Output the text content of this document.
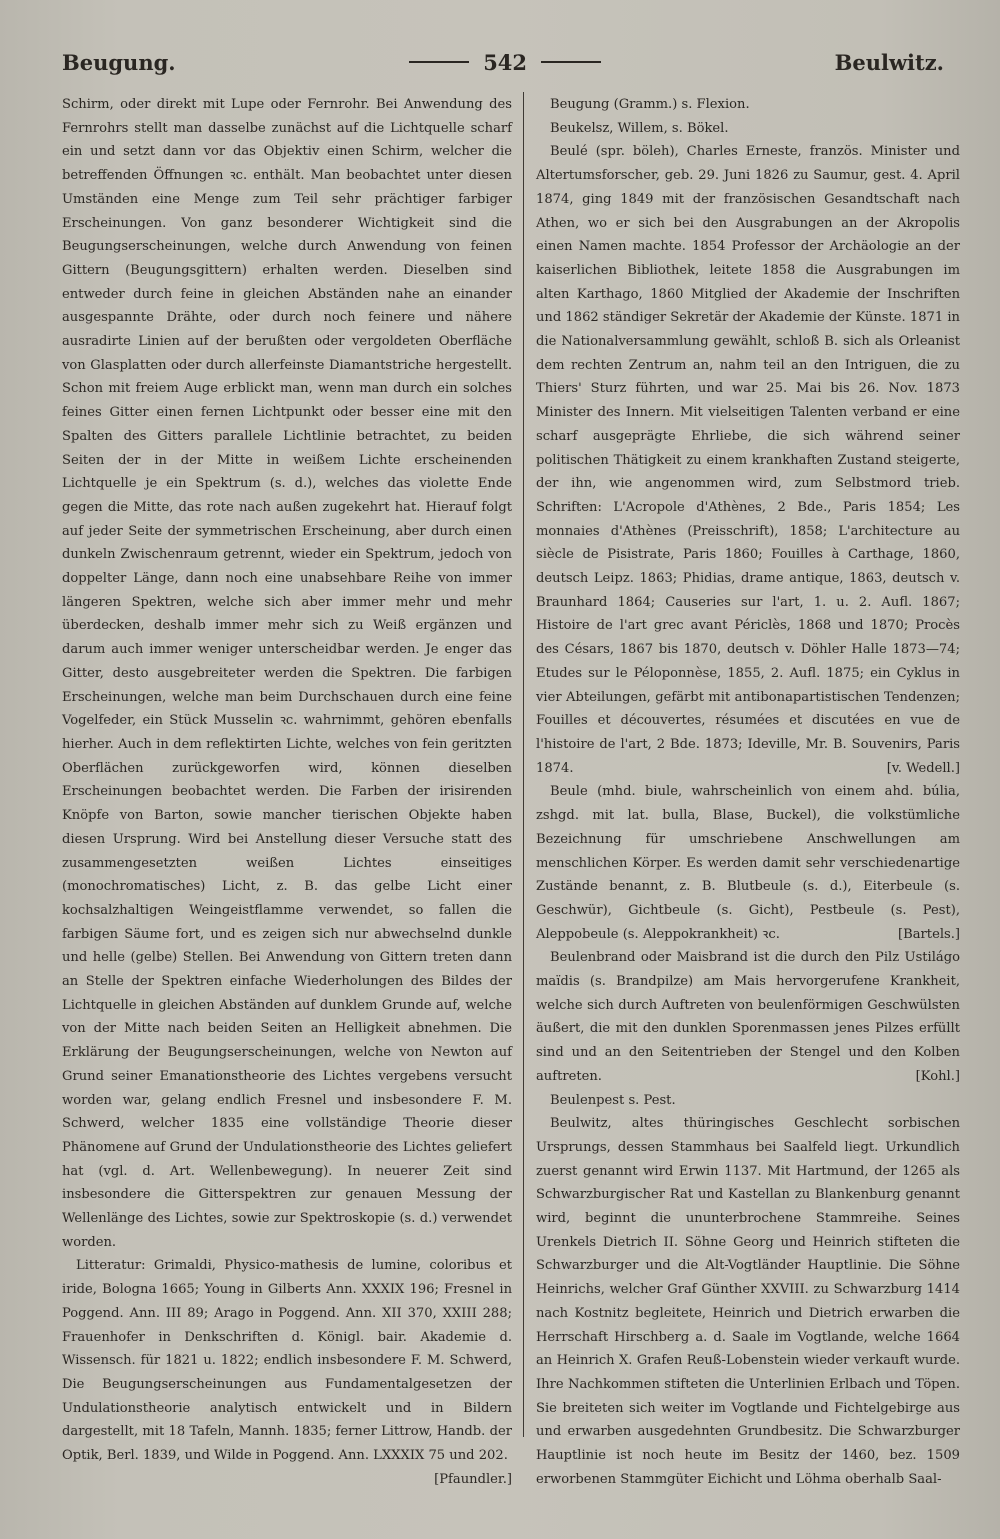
Beugung.	542	Beulwitz.

Schirm, oder direkt mit Lupe oder Fernrohr. Bei Anwendung des Fernrohrs stellt man dasselbe zunächst auf die Lichtquelle scharf ein und setzt dann vor das Objektiv einen Schirm, welcher die betreffenden Öffnungen ꝛc. enthält. Man beobachtet unter diesen Umständen eine Menge zum Teil sehr prächtiger farbiger Erscheinungen. Von ganz besonderer Wichtigkeit sind die Beugungserscheinungen, welche durch Anwendung von feinen Gittern (Beugungsgittern) erhalten werden. Dieselben sind entweder durch feine in gleichen Abständen nahe an einander ausgespannte Drähte, oder durch noch feinere und nähere ausradirte Linien auf der berußten oder vergoldeten Oberfläche von Glasplatten oder durch allerfeinste Diamantstriche hergestellt. Schon mit freiem Auge erblickt man, wenn man durch ein solches feines Gitter einen fernen Lichtpunkt oder besser eine mit den Spalten des Gitters parallele Lichtlinie betrachtet, zu beiden Seiten der in der Mitte in weißem Lichte erscheinenden Lichtquelle je ein Spektrum (s. d.), welches das violette Ende gegen die Mitte, das rote nach außen zugekehrt hat. Hierauf folgt auf jeder Seite der symmetrischen Erscheinung, aber durch einen dunkeln Zwischenraum getrennt, wieder ein Spektrum, jedoch von doppelter Länge, dann noch eine unabsehbare Reihe von immer längeren Spektren, welche sich aber immer mehr und mehr überdecken, deshalb immer mehr sich zu Weiß ergänzen und darum auch immer weniger unterscheidbar werden. Je enger das Gitter, desto ausgebreiteter werden die Spektren. Die farbigen Erscheinungen, welche man beim Durchschauen durch eine feine Vogelfeder, ein Stück Musselin ꝛc. wahrnimmt, gehören ebenfalls hierher. Auch in dem reflektirten Lichte, welches von fein geritzten Oberflächen zurückgeworfen wird, können dieselben Erscheinungen beobachtet werden. Die Farben der irisirenden Knöpfe von Barton, sowie mancher tierischen Objekte haben diesen Ursprung. Wird bei Anstellung dieser Versuche statt des zusammengesetzten weißen Lichtes einseitiges (monochromatisches) Licht, z. B. das gelbe Licht einer kochsalzhaltigen Weingeistflamme verwendet, so fallen die farbigen Säume fort, und es zeigen sich nur abwechselnd dunkle und helle (gelbe) Stellen. Bei Anwendung von Gittern treten dann an Stelle der Spektren einfache Wiederholungen des Bildes der Lichtquelle in gleichen Abständen auf dunklem Grunde auf, welche von der Mitte nach beiden Seiten an Helligkeit abnehmen. Die Erklärung der Beugungserscheinungen, welche von Newton auf Grund seiner Emanationstheorie des Lichtes vergebens versucht worden war, gelang endlich Fresnel und insbesondere F. M. Schwerd, welcher 1835 eine vollständige Theorie dieser Phänomene auf Grund der Undulationstheorie des Lichtes geliefert hat (vgl. d. Art. Wellenbewegung). In neuerer Zeit sind insbesondere die Gitterspektren zur genauen Messung der Wellenlänge des Lichtes, sowie zur Spektroskopie (s. d.) verwendet worden.

Litteratur: Grimaldi, Physico-mathesis de lumine, coloribus et iride, Bologna 1665; Young in Gilberts Ann. XXXIX 196; Fresnel in Poggend. Ann. III 89; Arago in Poggend. Ann. XII 370, XXIII 288; Frauenhofer in Denkschriften d. Königl. bair. Akademie d. Wissensch. für 1821 u. 1822; endlich insbesondere F. M. Schwerd, Die Beugungserscheinungen aus Fundamentalgesetzen der Undulationstheorie analytisch entwickelt und in Bildern dargestellt, mit 18 Tafeln, Mannh. 1835; ferner Littrow, Handb. der Optik, Berl. 1839, und Wilde in Poggend. Ann. LXXXIX 75 und 202.
[Pfaundler.]

Beugung (Gramm.) s. Flexion.

Beukelsz, Willem, s. Bökel.

Beulé (spr. böleh), Charles Erneste, französ. Minister und Altertumsforscher, geb. 29. Juni 1826 zu Saumur, gest. 4. April 1874, ging 1849 mit der französischen Gesandtschaft nach Athen, wo er sich bei den Ausgrabungen an der Akropolis einen Namen machte. 1854 Professor der Archäologie an der kaiserlichen Bibliothek, leitete 1858 die Ausgrabungen im alten Karthago, 1860 Mitglied der Akademie der Inschriften und 1862 ständiger Sekretär der Akademie der Künste. 1871 in die Nationalversammlung gewählt, schloß B. sich als Orleanist dem rechten Zentrum an, nahm teil an den Intriguen, die zu Thiers' Sturz führten, und war 25. Mai bis 26. Nov. 1873 Minister des Innern. Mit vielseitigen Talenten verband er eine scharf ausgeprägte Ehrliebe, die sich während seiner politischen Thätigkeit zu einem krankhaften Zustand steigerte, der ihn, wie angenommen wird, zum Selbstmord trieb. Schriften: L'Acropole d'Athènes, 2 Bde., Paris 1854; Les monnaies d'Athènes (Preisschrift), 1858; L'architecture au siècle de Pisistrate, Paris 1860; Fouilles à Carthage, 1860, deutsch Leipz. 1863; Phidias, drame antique, 1863, deutsch v. Braunhard 1864; Causeries sur l'art, 1. u. 2. Aufl. 1867; Histoire de l'art grec avant Périclès, 1868 und 1870; Procès des Césars, 1867 bis 1870, deutsch v. Döhler Halle 1873—74; Etudes sur le Péloponnèse, 1855, 2. Aufl. 1875; ein Cyklus in vier Abteilungen, gefärbt mit antibonapartistischen Tendenzen; Fouilles et découvertes, résumées et discutées en vue de l'histoire de l'art, 2 Bde. 1873; Ideville, Mr. B. Souvenirs, Paris 1874.	[v. Wedell.]

Beule (mhd. biule, wahrscheinlich von einem ahd. búlia, zshgd. mit lat. bulla, Blase, Buckel), die volkstümliche Bezeichnung für umschriebene Anschwellungen am menschlichen Körper. Es werden damit sehr verschiedenartige Zustände benannt, z. B. Blutbeule (s. d.), Eiterbeule (s. Geschwür), Gichtbeule (s. Gicht), Pestbeule (s. Pest), Aleppobeule (s. Aleppokrankheit) ꝛc.	[Bartels.]

Beulenbrand oder Maisbrand ist die durch den Pilz Ustilágo maïdis (s. Brandpilze) am Mais hervorgerufene Krankheit, welche sich durch Auftreten von beulenförmigen Geschwülsten äußert, die mit den dunklen Sporenmassen jenes Pilzes erfüllt sind und an den Seitentrieben der Stengel und den Kolben auftreten.	[Kohl.]

Beulenpest s. Pest.

Beulwitz, altes thüringisches Geschlecht sorbischen Ursprungs, dessen Stammhaus bei Saalfeld liegt. Urkundlich zuerst genannt wird Erwin 1137. Mit Hartmund, der 1265 als Schwarzburgischer Rat und Kastellan zu Blankenburg genannt wird, beginnt die ununterbrochene Stammreihe. Seines Urenkels Dietrich II. Söhne Georg und Heinrich stifteten die Schwarzburger und die Alt-Vogtländer Hauptlinie. Die Söhne Heinrichs, welcher Graf Günther XXVIII. zu Schwarzburg 1414 nach Kostnitz begleitete, Heinrich und Dietrich erwarben die Herrschaft Hirschberg a. d. Saale im Vogtlande, welche 1664 an Heinrich X. Grafen Reuß-Lobenstein wieder verkauft wurde. Ihre Nachkommen stifteten die Unterlinien Erlbach und Töpen. Sie breiteten sich weiter im Vogtlande und Fichtelgebirge aus und erwarben ausgedehnten Grundbesitz. Die Schwarzburger Hauptlinie ist noch heute im Besitz der 1460, bez. 1509 erworbenen Stammgüter Eichicht und Löhma oberhalb Saal-
